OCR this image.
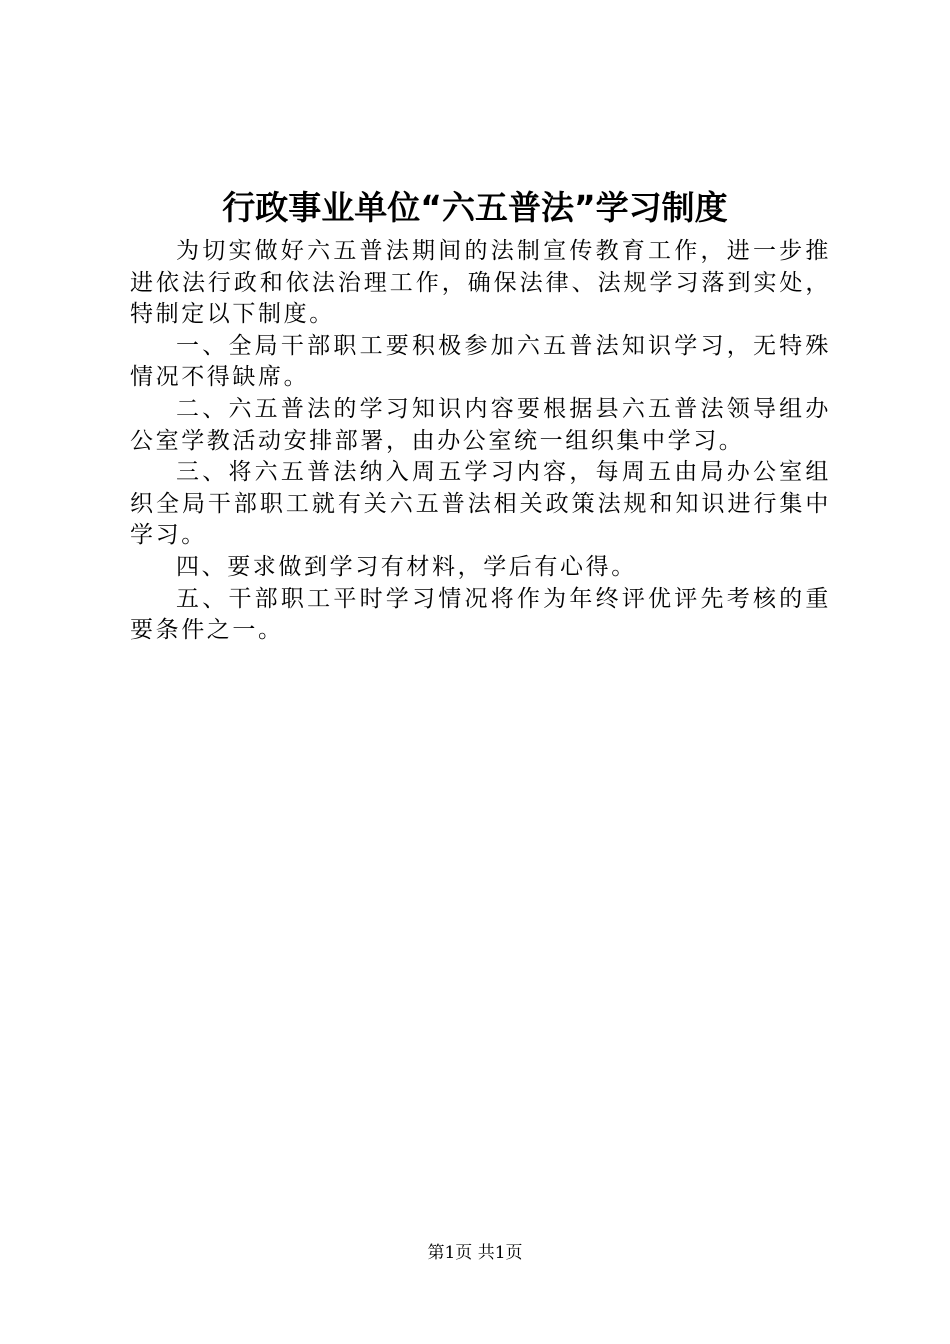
行政事业单位“六五普法”学习制度

为切实做好六五普法期间的法制宣传教育工作，进一步推进依法行政和依法治理工作，确保法律、法规学习落到实处，特制定以下制度。

一、全局干部职工要积极参加六五普法知识学习，无特殊情况不得缺席。

二、六五普法的学习知识内容要根据县六五普法领导组办公室学教活动安排部署，由办公室统一组织集中学习。

三、将六五普法纳入周五学习内容，每周五由局办公室组织全局干部职工就有关六五普法相关政策法规和知识进行集中学习。

四、要求做到学习有材料，学后有心得。

五、干部职工平时学习情况将作为年终评优评先考核的重要条件之一。

第1页 共1页
